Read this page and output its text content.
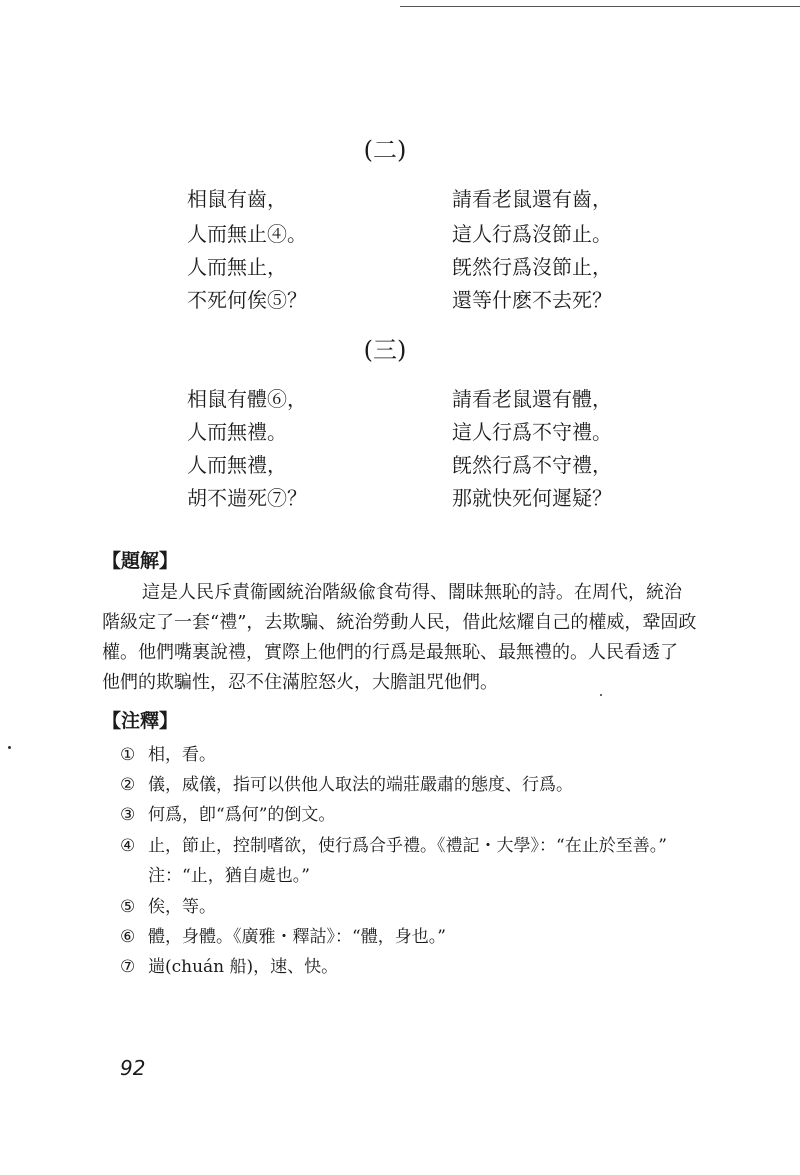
(二)
相鼠有齒，	請看老鼠還有齒，
人而無止④。	這人行爲沒節止。
人而無止，	旣然行爲沒節止，
不死何俟⑤？	還等什麽不去死？
(三)
相鼠有體⑥，	請看老鼠還有體，
人而無禮。	這人行爲不守禮。
人而無禮，	旣然行爲不守禮，
胡不遄死⑦？	那就快死何遲疑？
【題解】
這是人民斥責衞國統治階級偸食苟得、闇昧無恥的詩。在周代，統治
階級定了一套“禮”，去欺騙、統治勞動人民，借此炫耀自己的權威，鞏固政
權。他們嘴裏說禮，實際上他們的行爲是最無恥、最無禮的。人民看透了
他們的欺騙性，忍不住滿腔怒火，大膽詛咒他們。
【注釋】
① 相，看。
② 儀，威儀，指可以供他人取法的端莊嚴肅的態度、行爲。
③ 何爲，卽“爲何”的倒文。
④ 止，節止，控制嗜欲，使行爲合乎禮。《禮記・大學》：“在止於至善。”
注：“止，猶自處也。”
⑤ 俟，等。
⑥ 體，身體。《廣雅・釋詁》：“體，身也。”
⑦ 遄(chuán 船)，速、快。
92
